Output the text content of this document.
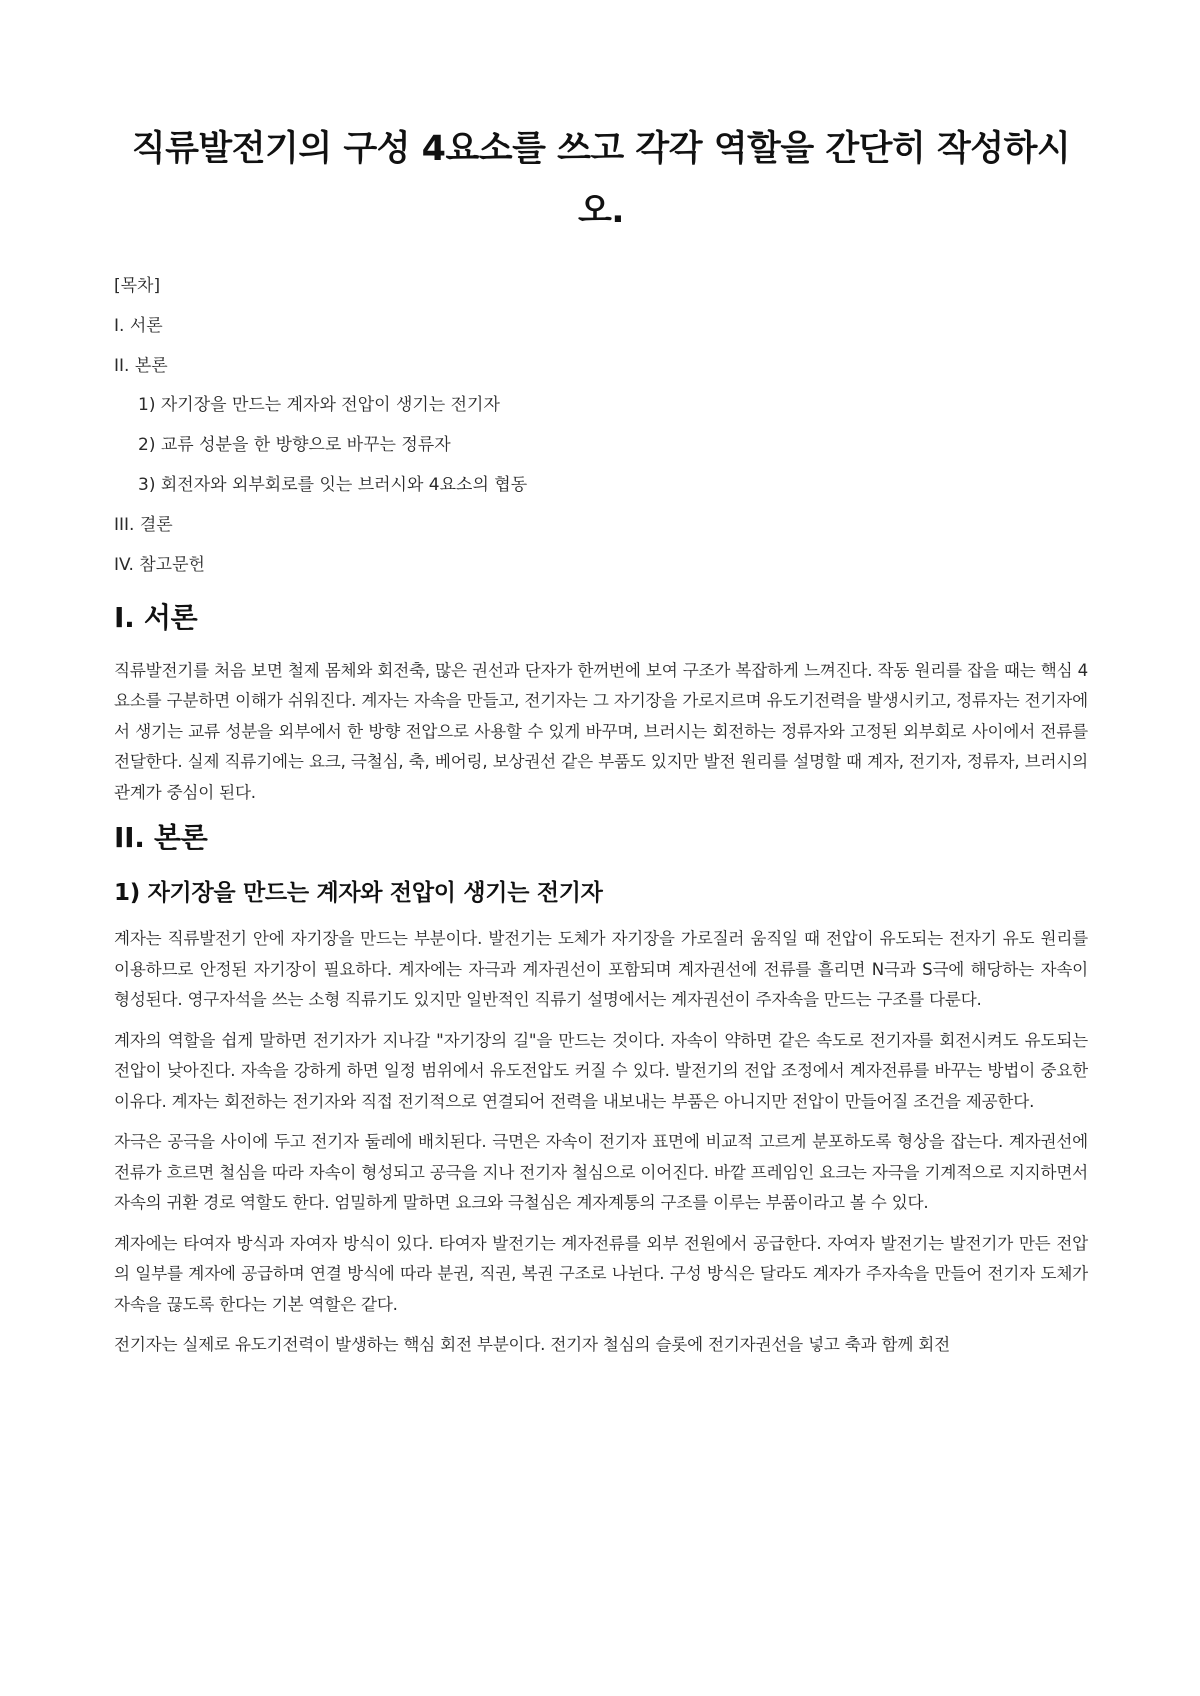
직류발전기의 구성 4요소를 쓰고 각각 역할을 간단히 작성하시오.
[목차]
I. 서론
II. 본론
1) 자기장을 만드는 계자와 전압이 생기는 전기자
2) 교류 성분을 한 방향으로 바꾸는 정류자
3) 회전자와 외부회로를 잇는 브러시와 4요소의 협동
III. 결론
IV. 참고문헌
I. 서론

직류발전기를 처음 보면 철제 몸체와 회전축, 많은 권선과 단자가 한꺼번에 보여 구조가 복잡하게 느껴진다. 작동 원리를 잡을 때는 핵심 4요소를 구분하면 이해가 쉬워진다. 계자는 자속을 만들고, 전기자는 그 자기장을 가로지르며 유도기전력을 발생시키고, 정류자는 전기자에서 생기는 교류 성분을 외부에서 한 방향 전압으로 사용할 수 있게 바꾸며, 브러시는 회전하는 정류자와 고정된 외부회로 사이에서 전류를 전달한다. 실제 직류기에는 요크, 극철심, 축, 베어링, 보상권선 같은 부품도 있지만 발전 원리를 설명할 때 계자, 전기자, 정류자, 브러시의 관계가 중심이 된다.

II. 본론
1) 자기장을 만드는 계자와 전압이 생기는 전기자

계자는 직류발전기 안에 자기장을 만드는 부분이다. 발전기는 도체가 자기장을 가로질러 움직일 때 전압이 유도되는 전자기 유도 원리를 이용하므로 안정된 자기장이 필요하다. 계자에는 자극과 계자권선이 포함되며 계자권선에 전류를 흘리면 N극과 S극에 해당하는 자속이 형성된다. 영구자석을 쓰는 소형 직류기도 있지만 일반적인 직류기 설명에서는 계자권선이 주자속을 만드는 구조를 다룬다.

계자의 역할을 쉽게 말하면 전기자가 지나갈 "자기장의 길"을 만드는 것이다. 자속이 약하면 같은 속도로 전기자를 회전시켜도 유도되는 전압이 낮아진다. 자속을 강하게 하면 일정 범위에서 유도전압도 커질 수 있다. 발전기의 전압 조정에서 계자전류를 바꾸는 방법이 중요한 이유다. 계자는 회전하는 전기자와 직접 전기적으로 연결되어 전력을 내보내는 부품은 아니지만 전압이 만들어질 조건을 제공한다.

자극은 공극을 사이에 두고 전기자 둘레에 배치된다. 극면은 자속이 전기자 표면에 비교적 고르게 분포하도록 형상을 잡는다. 계자권선에 전류가 흐르면 철심을 따라 자속이 형성되고 공극을 지나 전기자 철심으로 이어진다. 바깥 프레임인 요크는 자극을 기계적으로 지지하면서 자속의 귀환 경로 역할도 한다. 엄밀하게 말하면 요크와 극철심은 계자계통의 구조를 이루는 부품이라고 볼 수 있다.

계자에는 타여자 방식과 자여자 방식이 있다. 타여자 발전기는 계자전류를 외부 전원에서 공급한다. 자여자 발전기는 발전기가 만든 전압의 일부를 계자에 공급하며 연결 방식에 따라 분권, 직권, 복권 구조로 나뉜다. 구성 방식은 달라도 계자가 주자속을 만들어 전기자 도체가 자속을 끊도록 한다는 기본 역할은 같다.

전기자는 실제로 유도기전력이 발생하는 핵심 회전 부분이다. 전기자 철심의 슬롯에 전기자권선을 넣고 축과 함께 회전
